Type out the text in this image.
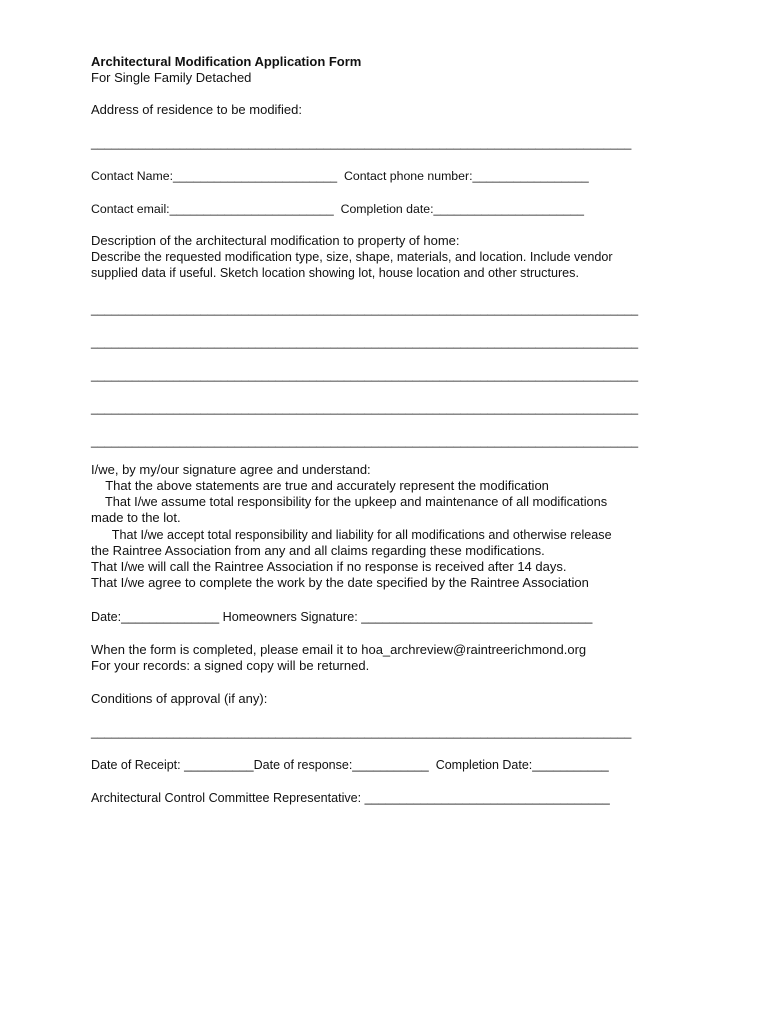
Architectural Modification Application Form
For Single Family Detached
Address of residence to be modified:
_______________________________________________________________________________
Contact Name:________________________  Contact phone number:_________________
Contact email:________________________  Completion date:______________________
Description of the architectural modification to property of home:
Describe the requested modification type, size, shape, materials, and location. Include vendor
supplied data if useful. Sketch location showing lot, house location and other structures.
________________________________________________________________________________
________________________________________________________________________________
________________________________________________________________________________
________________________________________________________________________________
________________________________________________________________________________
I/we, by my/our signature agree and understand:
That the above statements are true and accurately represent the modification
That I/we assume total responsibility for the upkeep and maintenance of all modifications
made to the lot.
That I/we accept total responsibility and liability for all modifications and otherwise release
the Raintree Association from any and all claims regarding these modifications.
That I/we will call the Raintree Association if no response is received after 14 days.
That I/we agree to complete the work by the date specified by the Raintree Association
Date:______________ Homeowners Signature: _________________________________
When the form is completed, please email it to hoa_archreview@raintreerichmond.org
For your records: a signed copy will be returned.
Conditions of approval (if any):
_______________________________________________________________________________
Date of Receipt: __________Date of response:___________  Completion Date:___________
Architectural Control Committee Representative: ___________________________________
